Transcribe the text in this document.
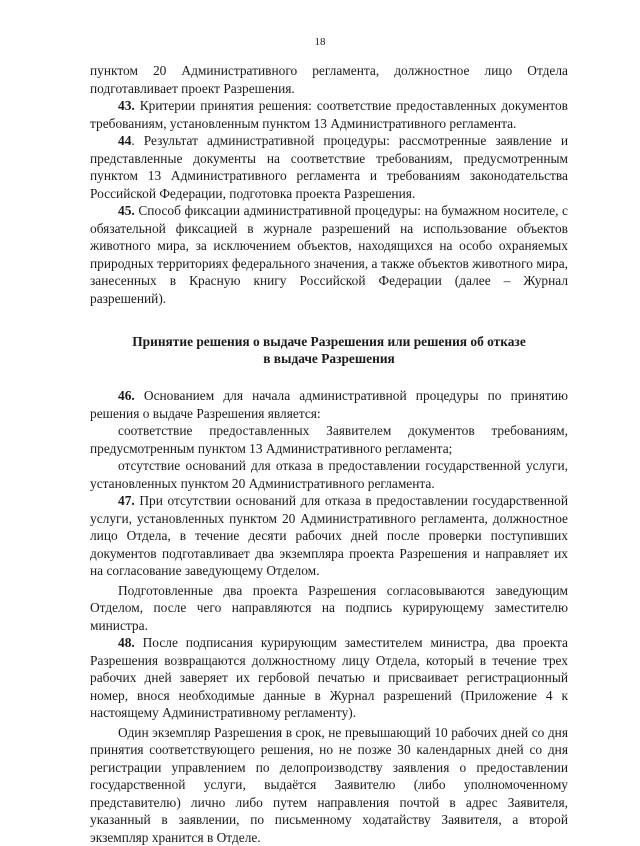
18

пунктом 20 Административного регламента, должностное лицо Отдела подготавливает проект Разрешения.

43. Критерии принятия решения: соответствие предоставленных документов требованиям, установленным пунктом 13 Административного регламента.

44. Результат административной процедуры: рассмотренные заявление и представленные документы на соответствие требованиям, предусмотренным пунктом 13 Административного регламента и требованиям законодательства Российской Федерации, подготовка проекта Разрешения.

45. Способ фиксации административной процедуры: на бумажном носителе, с обязательной фиксацией в журнале разрешений на использование объектов животного мира, за исключением объектов, находящихся на особо охраняемых природных территориях федерального значения, а также объектов животного мира, занесенных в Красную книгу Российской Федерации (далее – Журнал разрешений).

Принятие решения о выдаче Разрешения или решения об отказе
в выдаче Разрешения

46. Основанием для начала административной процедуры по принятию решения о выдаче Разрешения является:

соответствие предоставленных Заявителем документов требованиям, предусмотренным пунктом 13 Административного регламента;

отсутствие оснований для отказа в предоставлении государственной услуги, установленных пунктом 20 Административного регламента.

47. При отсутствии оснований для отказа в предоставлении государственной услуги, установленных пунктом 20 Административного регламента, должностное лицо Отдела, в течение десяти рабочих дней после проверки поступивших документов подготавливает два экземпляра проекта Разрешения и направляет их на согласование заведующему Отделом.

Подготовленные два проекта Разрешения согласовываются заведующим Отделом, после чего направляются на подпись курирующему заместителю министра.

48. После подписания курирующим заместителем министра, два проекта Разрешения возвращаются должностному лицу Отдела, который в течение трех рабочих дней заверяет их гербовой печатью и присваивает регистрационный номер, внося необходимые данные в Журнал разрешений (Приложение 4 к настоящему Административному регламенту).

Один экземпляр Разрешения в срок, не превышающий 10 рабочих дней со дня принятия соответствующего решения, но не позже 30 календарных дней со дня регистрации управлением по делопроизводству заявления о предоставлении государственной услуги, выдаётся Заявителю (либо уполномоченному представителю) лично либо путем направления почтой в адрес Заявителя, указанный в заявлении, по письменному ходатайству Заявителя, а второй экземпляр хранится в Отделе.
